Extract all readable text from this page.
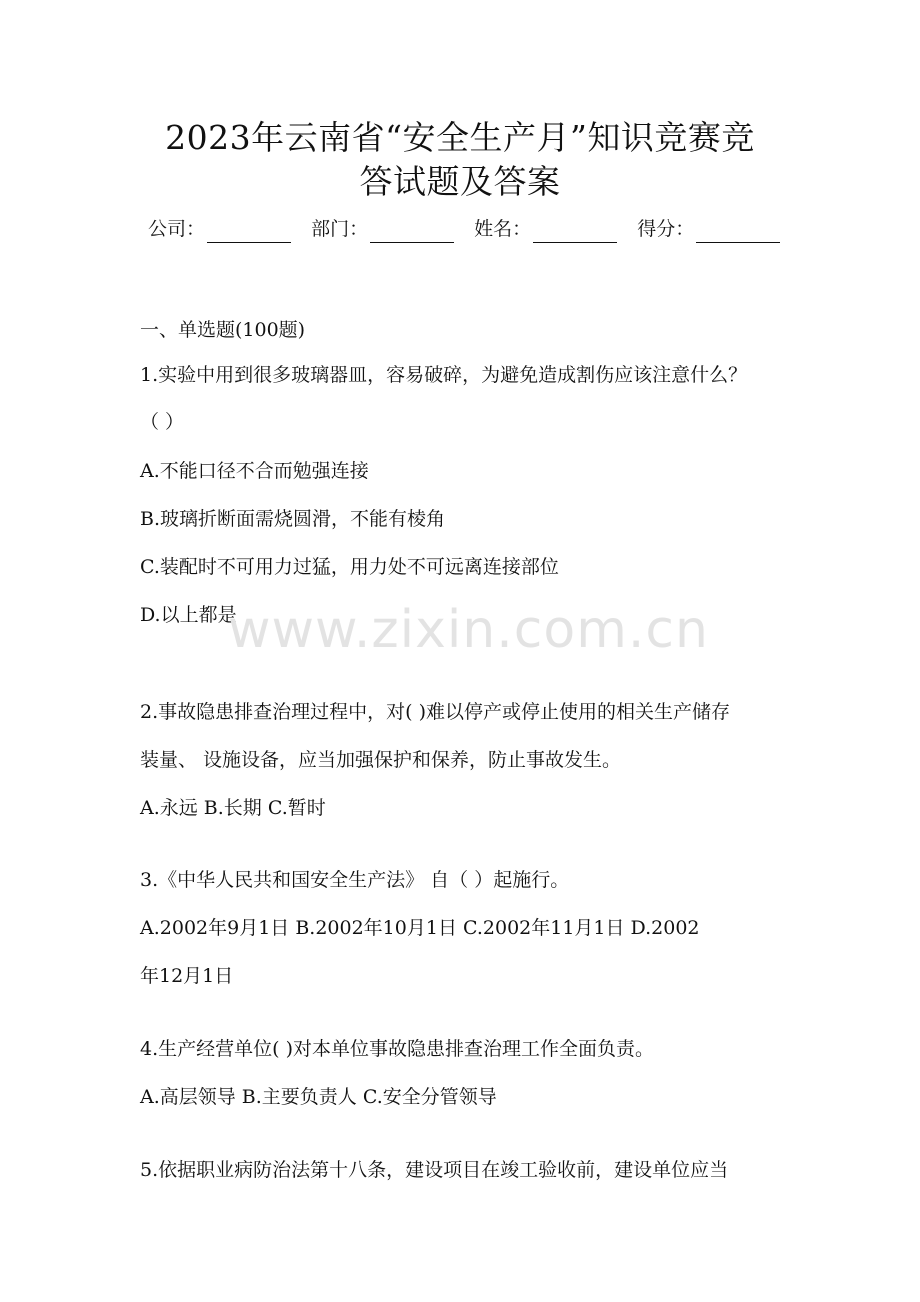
2023年云南省“安全生产月”知识竞赛竞
答试题及答案
公司：	部门：	姓名：	得分：
一、单选题(100题)
1.实验中用到很多玻璃器皿，容易破碎，为避免造成割伤应该注意什么？
（ ）
A.不能口径不合而勉强连接
B.玻璃折断面需烧圆滑，不能有棱角
C.装配时不可用力过猛，用力处不可远离连接部位
D.以上都是
2.事故隐患排查治理过程中，对( )难以停产或停止使用的相关生产储存
装量、 设施设备，应当加强保护和保养，防止事故发生。
A.永远 B.长期 C.暂时
3.《中华人民共和国安全生产法》 自（ ）起施行。
A.2002年9月1日 B.2002年10月1日 C.2002年11月1日 D.2002
年12月1日
4.生产经营单位( )对本单位事故隐患排查治理工作全面负责。
A.高层领导 B.主要负责人 C.安全分管领导
5.依据职业病防治法第十八条，建设项目在竣工验收前，建设单位应当
www.zixin.com.cn
